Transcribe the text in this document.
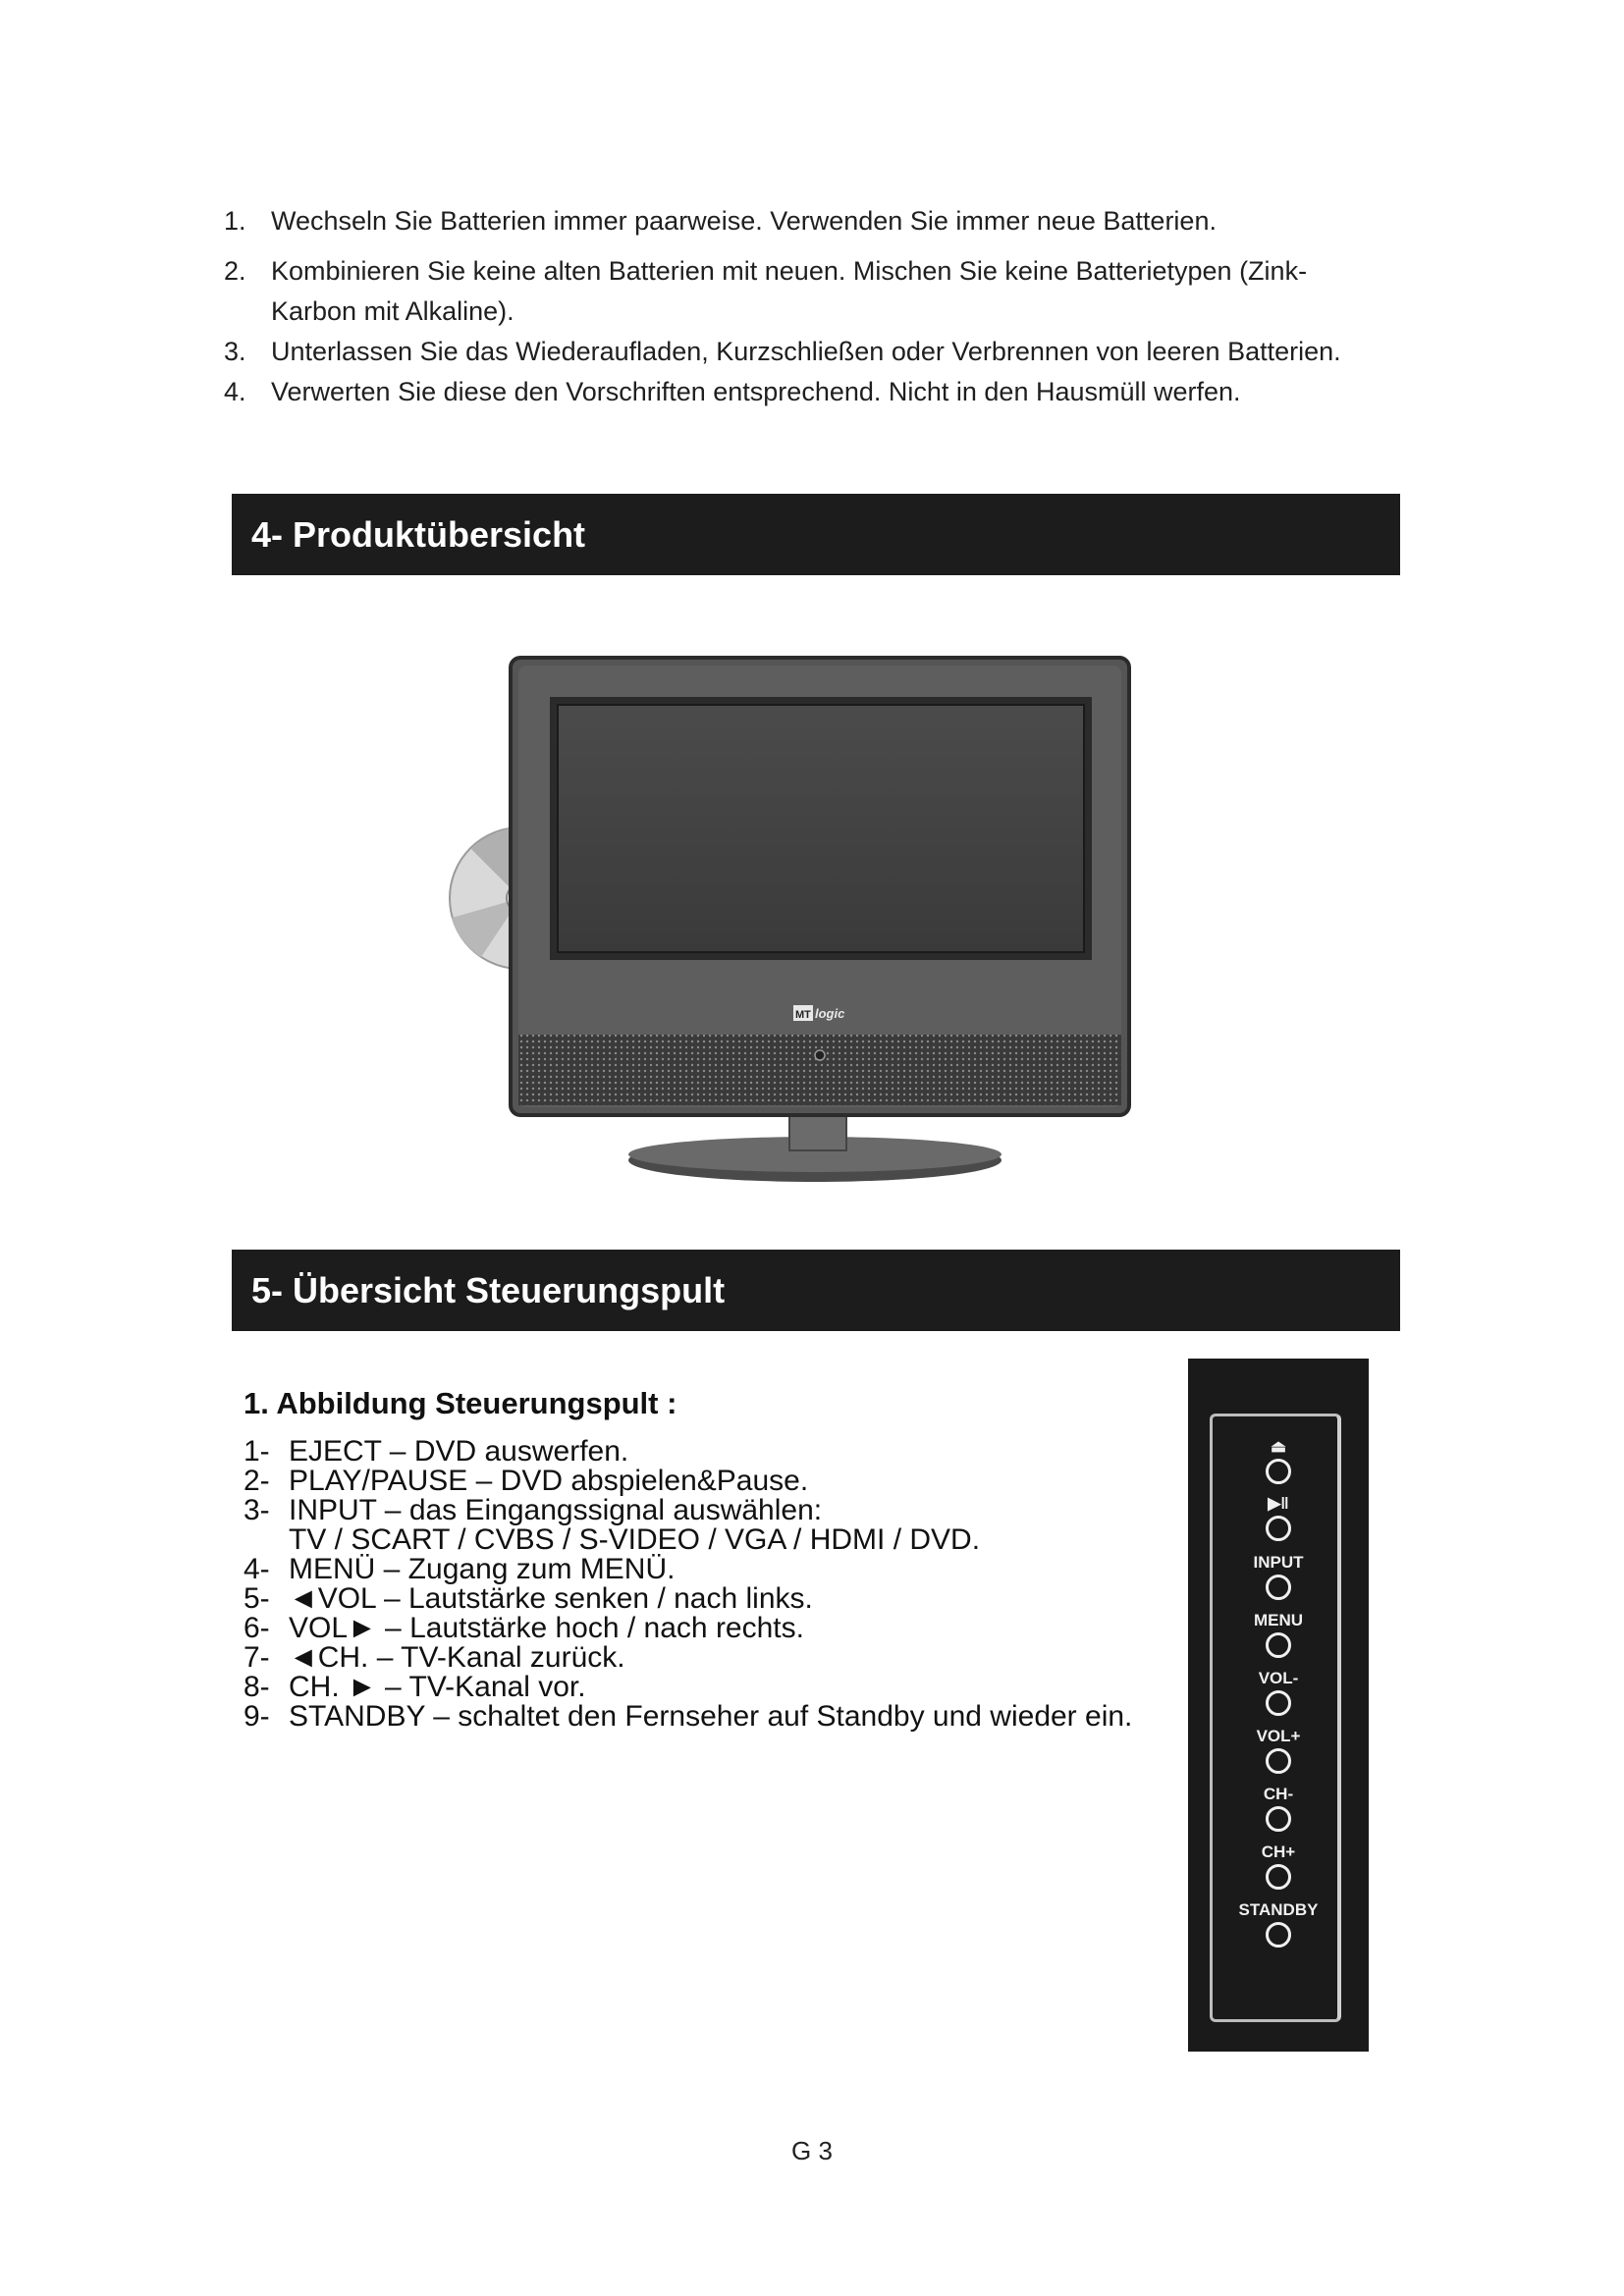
1. Wechseln Sie Batterien immer paarweise. Verwenden Sie immer neue Batterien.
2. Kombinieren Sie keine alten Batterien mit neuen. Mischen Sie keine Batterietypen (Zink-Karbon mit Alkaline).
3. Unterlassen Sie das Wiederaufladen, Kurzschließen oder Verbrennen von leeren Batterien.
4. Verwerten Sie diese den Vorschriften entsprechend. Nicht in den Hausmüll werfen.
4- Produktübersicht
MT logic
5- Übersicht Steuerungspult
1. Abbildung Steuerungspult :
1- EJECT – DVD auswerfen.
2- PLAY/PAUSE – DVD abspielen&Pause.
3- INPUT – das Eingangssignal auswählen:
TV / SCART / CVBS / S-VIDEO / VGA / HDMI / DVD.
4- MENÜ – Zugang zum MENÜ.
5- ◄VOL – Lautstärke senken / nach links.
6- VOL► – Lautstärke hoch / nach rechts.
7- ◄CH. – TV-Kanal zurück.
8- CH. ► – TV-Kanal vor.
9- STANDBY – schaltet den Fernseher auf Standby und wieder ein.
⏏
▶‖
INPUT
MENU
VOL-
VOL+
CH-
CH+
STANDBY
G 3
